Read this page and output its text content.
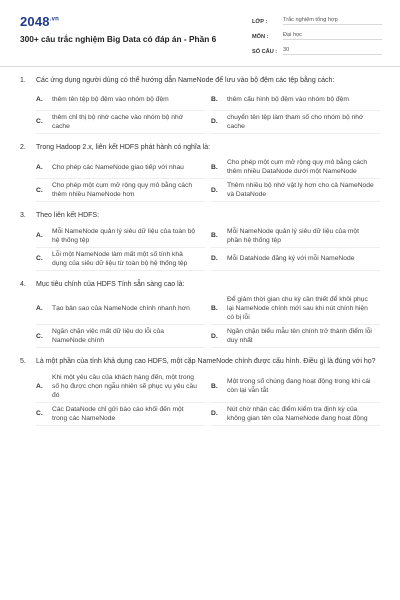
$2048^{.vn}$
300+ câu trắc nghiệm Big Data có đáp án - Phần 6
LỚP :	Trắc nghiệm tổng hợp
MÔN :	Đại học
SỐ CÂU :	30
1.	Các ứng dụng người dùng có thể hướng dẫn NameNode để lưu vào bộ đệm các tệp bằng cách:
A.	thêm tên tệp bộ đệm vào nhóm bộ đệm	B.	thêm cấu hình bộ đệm vào nhóm bộ đệm
C.
thêm chỉ thị bộ nhớ cache vào nhóm bộ nhớ cache
D.
chuyển tên tệp làm tham số cho nhóm bộ nhớ cache
2.	Trong Hadoop 2.x, liên kết HDFS phát hành có nghĩa là:
A.	Cho phép các NameNode giao tiếp với nhau	B.
Cho phép một cụm mở rộng quy mô bằng cách thêm nhiều DataNode dưới một NameNode
C.
Cho phép một cụm mở rộng quy mô bằng cách thêm nhiều NameNode hơn
D.
Thêm nhiều bộ nhớ vật lý hơn cho cả NameNode và DataNode
3.	Theo liên kết HDFS:
A.
Mỗi NameNode quản lý siêu dữ liệu của toàn bộ hệ thống tệp
B.
Mỗi NameNode quản lý siêu dữ liệu của một phần hệ thống tệp
C.
Lỗi một NameNode làm mất một số tính khả dụng của siêu dữ liệu từ toàn bộ hệ thống tệp
D.	Mỗi DataNode đăng ký với mỗi NameNode
4.	Mục tiêu chính của HDFS Tính sẵn sàng cao là:
A.	Tạo bản sao của NameNode chính nhanh hơn	B.
Để giảm thời gian chu kỳ cần thiết để khôi phục lại NameNode chính mới sau khi nút chính hiện có bị lỗi
C.
Ngăn chặn việc mất dữ liệu do lỗi của NameNode chính
D.
Ngăn chặn biểu mẫu tên chính trở thành điểm lỗi duy nhất
5.	Là một phần của tính khả dụng cao HDFS, một cặp NameNode chính được cấu hình. Điều gì là đúng với họ?
A.
Khi một yêu cầu của khách hàng đến, một trong số họ được chọn ngẫu nhiên sẽ phục vụ yêu cầu đó
B.
Một trong số chúng đang hoạt động trong khi cái còn lại vẫn tắt
C.
Các DataNode chỉ gửi báo cáo khối đến một trong các NameNode
D.
Nút chờ nhận các điểm kiểm tra định kỳ của không gian tên của NameNode đang hoạt động
